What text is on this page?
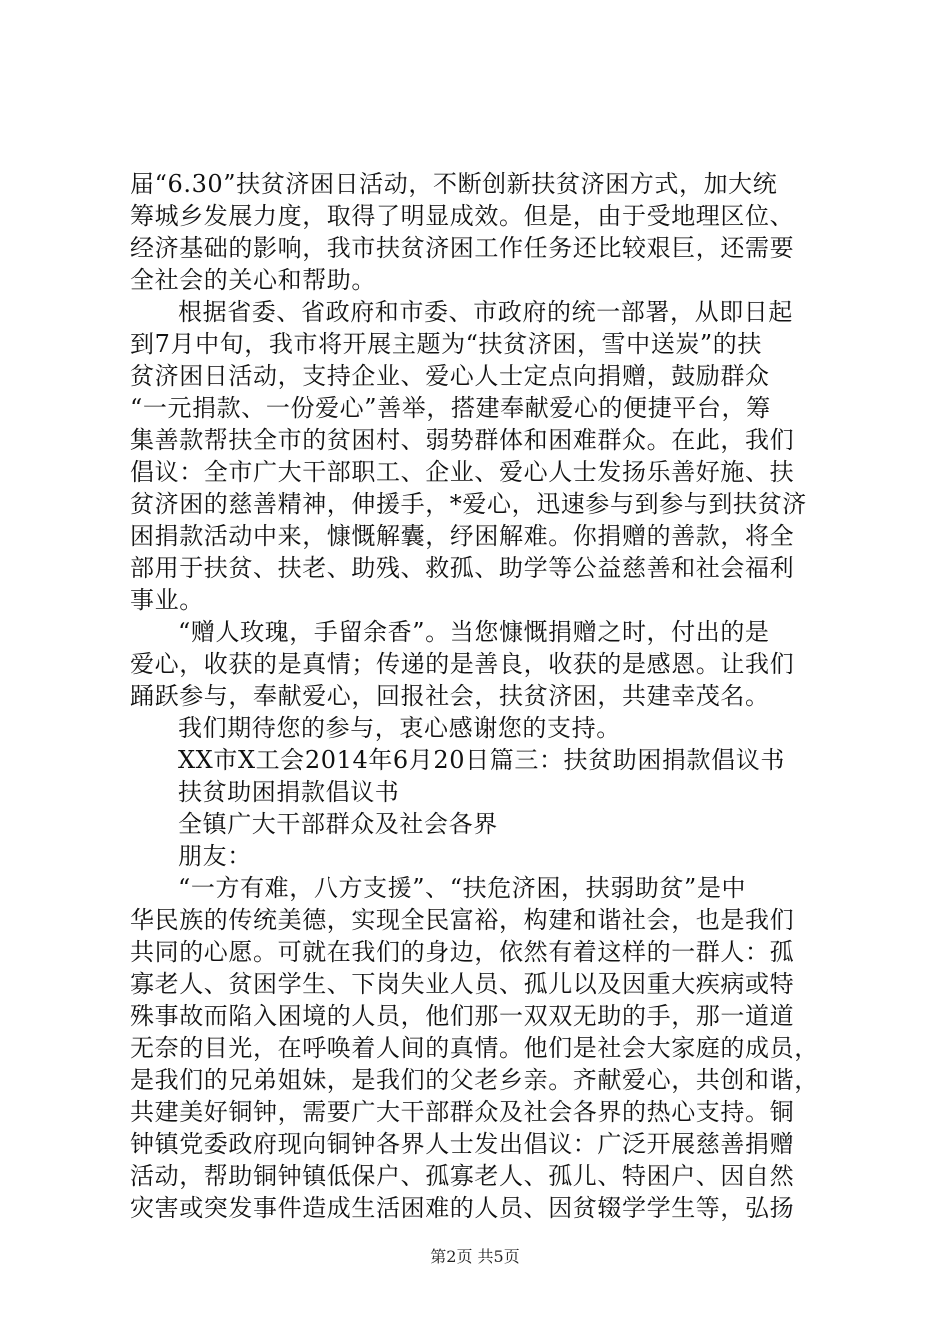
届“6.30”扶贫济困日活动，不断创新扶贫济困方式，加大统
筹城乡发展力度，取得了明显成效。但是，由于受地理区位、
经济基础的影响，我市扶贫济困工作任务还比较艰巨，还需要
全社会的关心和帮助。
根据省委、省政府和市委、市政府的统一部署，从即日起
到7月中旬，我市将开展主题为“扶贫济困，雪中送炭”的扶
贫济困日活动，支持企业、爱心人士定点向捐赠，鼓励群众
“一元捐款、一份爱心”善举，搭建奉献爱心的便捷平台，筹
集善款帮扶全市的贫困村、弱势群体和困难群众。在此，我们
倡议：全市广大干部职工、企业、爱心人士发扬乐善好施、扶
贫济困的慈善精神，伸援手，*爱心，迅速参与到参与到扶贫济
困捐款活动中来，慷慨解囊，纾困解难。你捐赠的善款，将全
部用于扶贫、扶老、助残、救孤、助学等公益慈善和社会福利
事业。
“赠人玫瑰，手留余香”。当您慷慨捐赠之时，付出的是
爱心，收获的是真情；传递的是善良，收获的是感恩。让我们
踊跃参与，奉献爱心，回报社会，扶贫济困，共建幸茂名。
我们期待您的参与，衷心感谢您的支持。
XX市X工会2014年6月20日篇三：扶贫助困捐款倡议书
扶贫助困捐款倡议书
全镇广大干部群众及社会各界
朋友：
“一方有难，八方支援”、“扶危济困，扶弱助贫”是中
华民族的传统美德，实现全民富裕，构建和谐社会，也是我们
共同的心愿。可就在我们的身边，依然有着这样的一群人：孤
寡老人、贫困学生、下岗失业人员、孤儿以及因重大疾病或特
殊事故而陷入困境的人员，他们那一双双无助的手，那一道道
无奈的目光，在呼唤着人间的真情。他们是社会大家庭的成员，
是我们的兄弟姐妹，是我们的父老乡亲。齐献爱心，共创和谐，
共建美好铜钟，需要广大干部群众及社会各界的热心支持。铜
钟镇党委政府现向铜钟各界人士发出倡议：广泛开展慈善捐赠
活动，帮助铜钟镇低保户、孤寡老人、孤儿、特困户、因自然
灾害或突发事件造成生活困难的人员、因贫辍学学生等，弘扬
第2页 共5页
